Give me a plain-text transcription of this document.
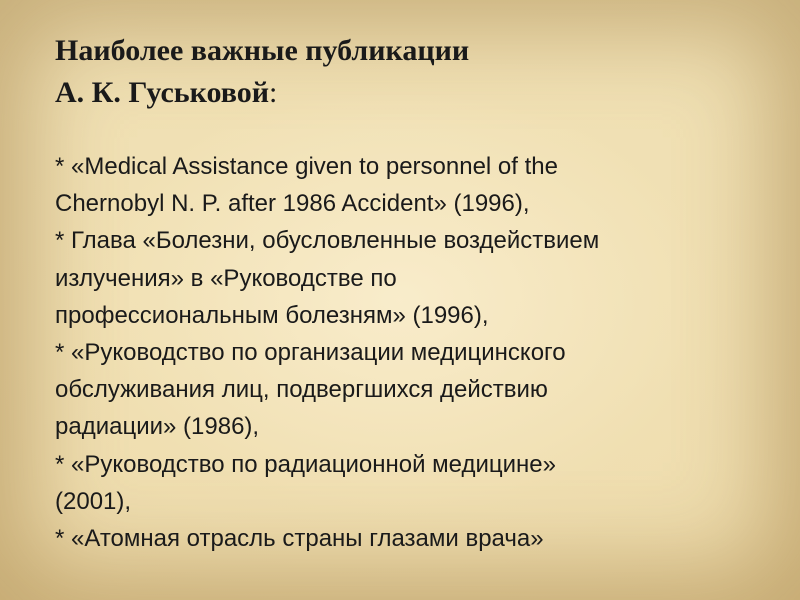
Наиболее важные публикации
А. К. Гуськовой:
* «Medical Assistance given to personnel of the
Chernobyl N. P. after 1986 Accident» (1996),
* Глава «Болезни, обусловленные воздействием
излучения» в «Руководстве по
профессиональным болезням» (1996),
* «Руководство по организации медицинского
обслуживания лиц, подвергшихся действию
радиации» (1986),
* «Руководство по радиационной медицине»
(2001),
* «Атомная отрасль страны глазами врача»
